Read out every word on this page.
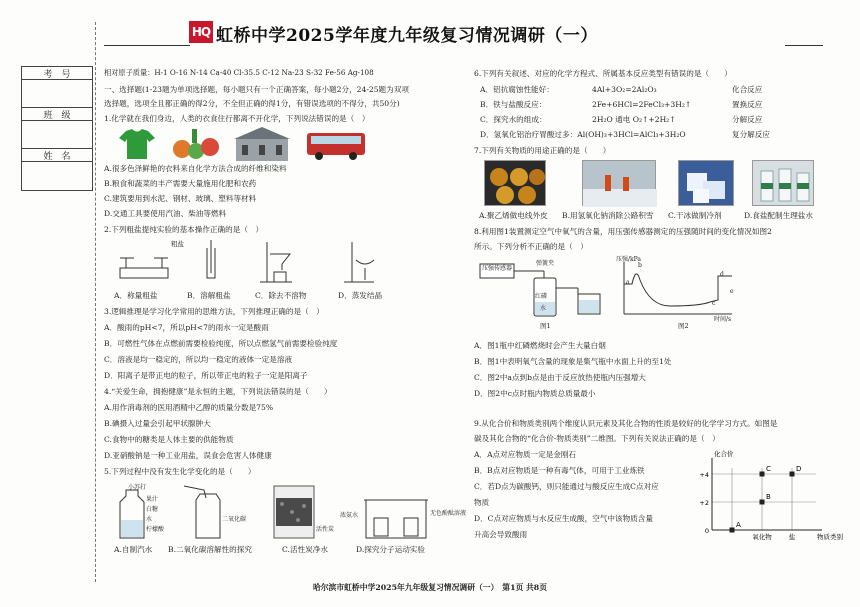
HQ 虹桥中学2025学年度九年级复习情况调研（一）
考　号
班　级
姓　名
相对原子质量：H-1 O-16 N-14 Ca-40 Cl-35.5 C-12 Na-23 S-32 Fe-56 Ag-108
一、选择题(1-23题为单项选择题，每小题只有一个正确答案，每小题2分，24-25题为双项
选择题，选项全且都正确的得2分，不全但正确的得1分，有错误选项的不得分，共50分)
1.化学就在我们身边，人类的衣食住行都离不开化学，下列说法错误的是（　）
A.很多色泽鲜艳的衣料来自化学方法合成的纤维和染料
B.粮食和蔬菜的丰产需要大量施用化肥和农药
C.建筑要用到水泥、钢材、玻璃、塑料等材料
D.交通工具要使用汽油、柴油等燃料
2.下列粗盐提纯实验的基本操作正确的是（　）
粗盐
A．称量粗盐	B．溶解粗盐	C．除去不溶物	D．蒸发结晶
3.逻辑推理是学习化学常用的思维方法，下列推理正确的是（　）
A．酸雨的pH<7，所以pH<7的雨水一定是酸雨
B．可燃性气体在点燃前需要检验纯度，所以点燃氢气前需要检验纯度
C．溶液是均一稳定的，所以均一稳定的液体一定是溶液
D．阳离子是带正电的粒子，所以带正电的粒子一定是阳离子
4.“关爱生命，拥抱健康”是永恒的主题，下列说法错误的是（　　）
A.用作消毒剂的医用酒精中乙醇的质量分数是75%
B.碘摄入过量会引起甲状腺肿大
C.食物中的糖类是人体主要的供能物质
D.亚硝酸钠是一种工业用盐，误食会危害人体健康
5.下列过程中没有发生化学变化的是（　　）
小苏打
果汁
白糖
水
柠檬酸
二氧化碳
活性炭
浓氨水	无色酚酞溶液
A.自制汽水 B.二氧化碳溶解性的探究	C.活性炭净水	D.探究分子运动实验
6.下列有关叙述、对应的化学方程式、所属基本反应类型有错误的是（　　）
A．铝抗腐蚀性能好：	4Al+3O₂=2Al₂O₃	化合反应
B．铁与盐酸反应：	2Fe+6HCl=2FeCl₃+3H₂↑	置换反应
C．探究水的组成：	2H₂O 通电 O₂↑+2H₂↑	分解反应
D．氢氧化铝治疗胃酸过多：Al(OH)₃+3HCl=AlCl₃+3H₂O	复分解反应
7.下列有关物质的用途正确的是（　　）
A.聚乙烯做电线外皮 B.用氢氧化钠消除公路积雪 C.干冰做制冷剂	D.食盐配制生理盐水
8.利用图1装置测定空气中氧气的含量，用压强传感器测定的压强随时间的变化情况如图2
所示。下列分析不正确的是（　）
压强传感器
弹簧夹
红磷
水
图1
压强/kPa
a
b
c
d
e
时间/s
图2
A．图1瓶中红磷燃烧时会产生大量白烟
B．图1中表明氧气含量的现象是集气瓶中水面上升的至1处
C．图2中a点到b点是由于反应放热使瓶内压强增大
D．图2中c点时瓶内物质总质量最小
9.从化合价和物质类别两个维度认识元素及其化合物的性质是较好的化学学习方式。如图是
碳及其化合物的“化合价-物质类别”二维图。下列有关说法正确的是（　）
A．A点对应物质一定是金刚石
B．B点对应物质是一种有毒气体，可用于工业炼铁
C．若D点为碳酸钙，则只能通过与酸反应生成C点对应
物质
D．C点对应物质与水反应生成酸，空气中该物质含量
升高会导致酸雨
+4
+2
0
化合价
氧化物	盐	物质类别
A
B
C	D
哈尔滨市虹桥中学2025年九年级复习情况调研（一）　第1页 共8页
